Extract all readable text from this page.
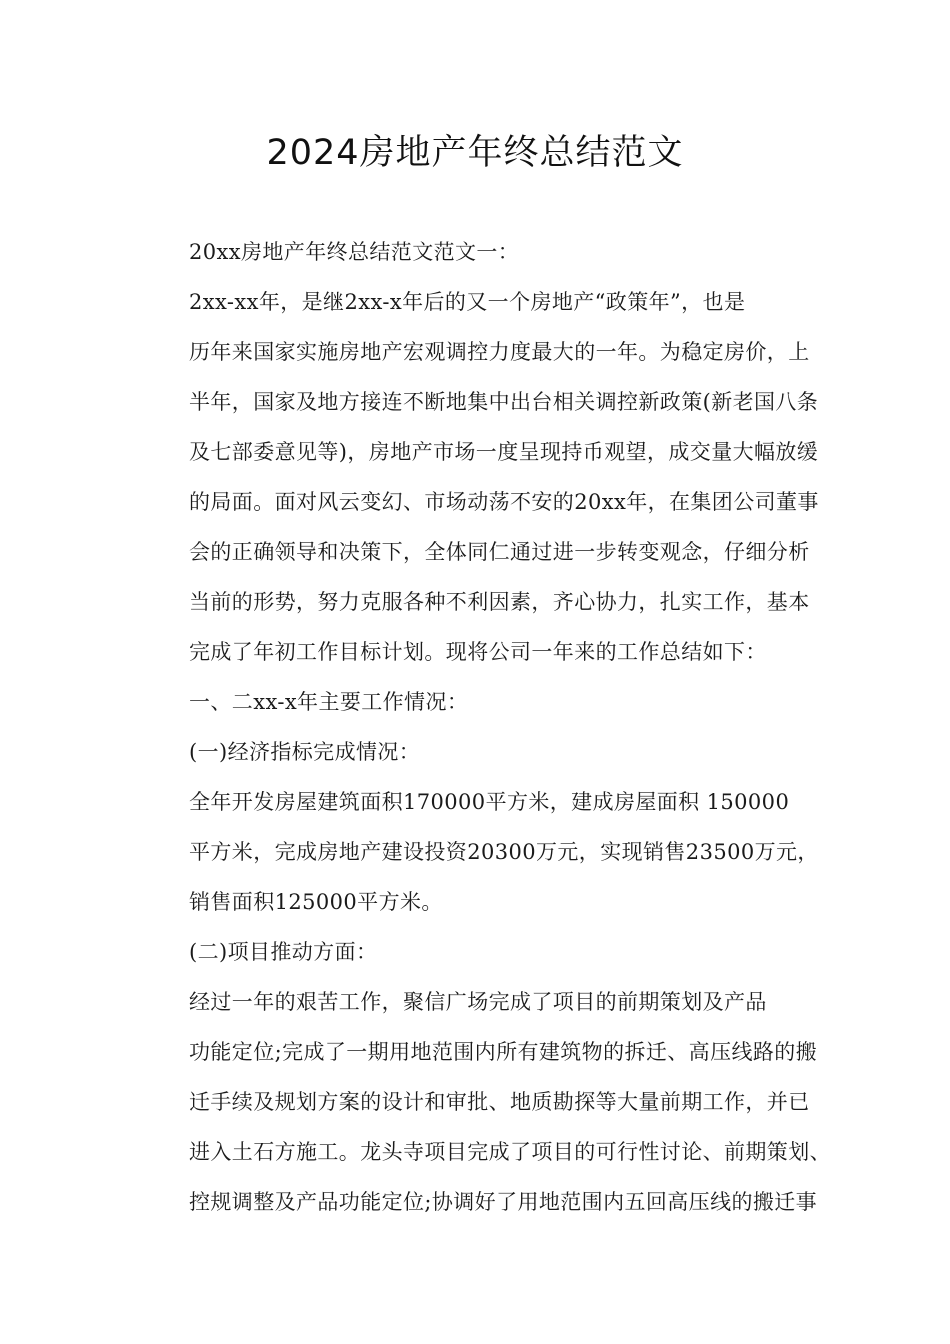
2024房地产年终总结范文

20xx房地产年终总结范文范文一：

2xx-xx年，是继2xx-x年后的又一个房地产“政策年”，也是
历年来国家实施房地产宏观调控力度最大的一年。为稳定房价，上
半年，国家及地方接连不断地集中出台相关调控新政策(新老国八条
及七部委意见等)，房地产市场一度呈现持币观望，成交量大幅放缓
的局面。面对风云变幻、市场动荡不安的20xx年，在集团公司董事
会的正确领导和决策下，全体同仁通过进一步转变观念，仔细分析
当前的形势，努力克服各种不利因素，齐心协力，扎实工作，基本
完成了年初工作目标计划。现将公司一年来的工作总结如下：

一、二xx-x年主要工作情况：

(一)经济指标完成情况：

全年开发房屋建筑面积170000平方米，建成房屋面积 150000
平方米，完成房地产建设投资20300万元，实现销售23500万元，
销售面积125000平方米。

(二)项目推动方面：

经过一年的艰苦工作，聚信广场完成了项目的前期策划及产品
功能定位;完成了一期用地范围内所有建筑物的拆迁、高压线路的搬
迁手续及规划方案的设计和审批、地质勘探等大量前期工作，并已
进入土石方施工。龙头寺项目完成了项目的可行性讨论、前期策划、
控规调整及产品功能定位;协调好了用地范围内五回高压线的搬迁事
